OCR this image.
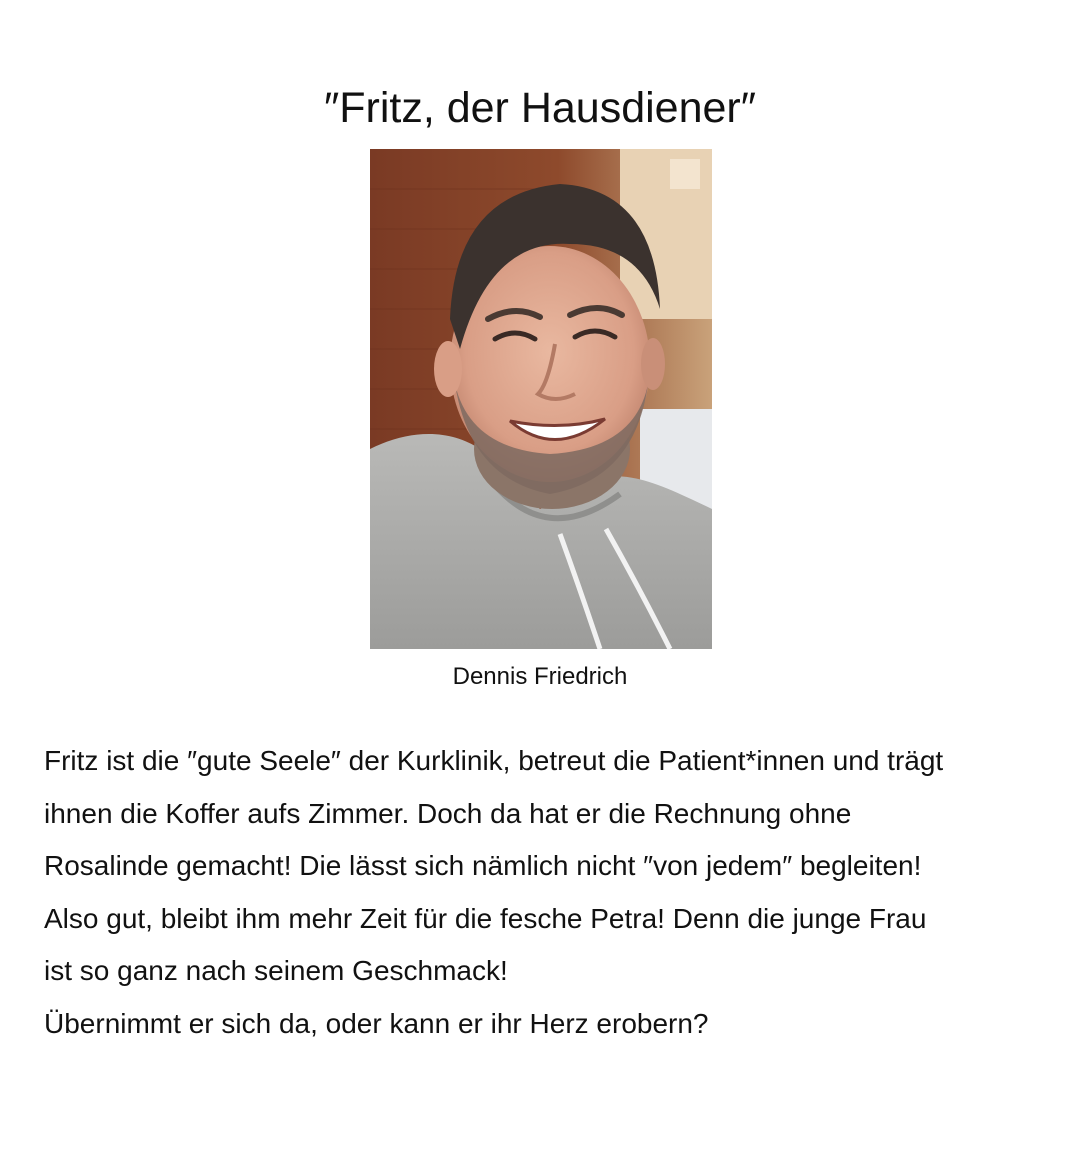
″Fritz, der Hausdiener″
Dennis Friedrich

Fritz ist die ″gute Seele″ der Kurklinik, betreut die Patient*innen und trägt
ihnen die Koffer aufs Zimmer. Doch da hat er die Rechnung ohne
Rosalinde gemacht! Die lässt sich nämlich nicht ″von jedem″ begleiten!
Also gut, bleibt ihm mehr Zeit für die fesche Petra! Denn die junge Frau
ist so ganz nach seinem Geschmack!
Übernimmt er sich da, oder kann er ihr Herz erobern?
